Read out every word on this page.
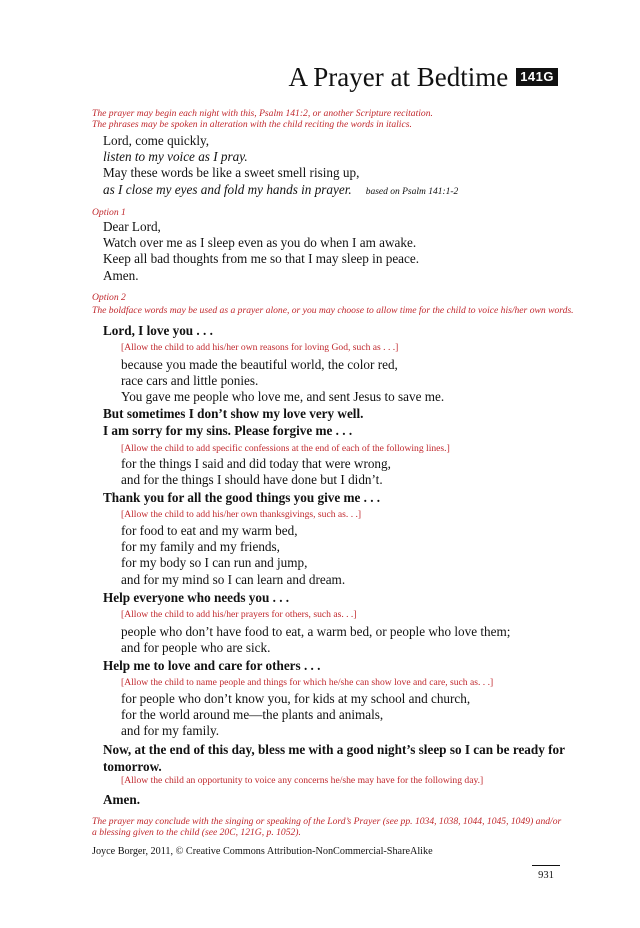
A Prayer at Bedtime 141G
The prayer may begin each night with this, Psalm 141:2, or another Scripture recitation.
The phrases may be spoken in alteration with the child reciting the words in italics.
Lord, come quickly,
listen to my voice as I pray.
May these words be like a sweet smell rising up,
as I close my eyes and fold my hands in prayer. based on Psalm 141:1-2
Option 1
Dear Lord,
Watch over me as I sleep even as you do when I am awake.
Keep all bad thoughts from me so that I may sleep in peace.
Amen.
Option 2
The boldface words may be used as a prayer alone, or you may choose to allow time for the child to voice his/her own words.
Lord, I love you . . .
[Allow the child to add his/her own reasons for loving God, such as . . .]
because you made the beautiful world, the color red,
race cars and little ponies.
You gave me people who love me, and sent Jesus to save me.
But sometimes I don’t show my love very well.
I am sorry for my sins. Please forgive me . . .
[Allow the child to add specific confessions at the end of each of the following lines.]
for the things I said and did today that were wrong,
and for the things I should have done but I didn’t.
Thank you for all the good things you give me . . .
[Allow the child to add his/her own thanksgivings, such as. . .]
for food to eat and my warm bed,
for my family and my friends,
for my body so I can run and jump,
and for my mind so I can learn and dream.
Help everyone who needs you . . .
[Allow the child to add his/her prayers for others, such as. . .]
people who don’t have food to eat, a warm bed, or people who love them;
and for people who are sick.
Help me to love and care for others . . .
[Allow the child to name people and things for which he/she can show love and care, such as. . .]
for people who don’t know you, for kids at my school and church,
for the world around me—the plants and animals,
and for my family.
Now, at the end of this day, bless me with a good night’s sleep so I can be ready for tomorrow.
[Allow the child an opportunity to voice any concerns he/she may have for the following day.]
Amen.
The prayer may conclude with the singing or speaking of the Lord’s Prayer (see pp. 1034, 1038, 1044, 1045, 1049) and/or a blessing given to the child (see 20C, 121G, p. 1052).
Joyce Borger, 2011, © Creative Commons Attribution-NonCommercial-ShareAlike
931
